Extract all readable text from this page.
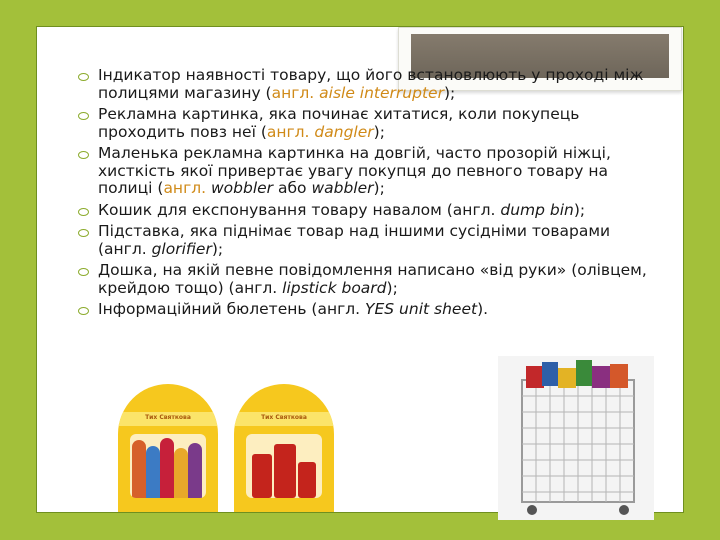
Індикатор наявності товару, що його встановлюють у проході між полицями магазину (англ. aisle interrupter);
Рекламна картинка, яка починає хитатися, коли покупець проходить повз неї (англ. dangler);
Маленька рекламна картинка на довгій, часто прозорій ніжці, хисткість якої привертає увагу покупця до певного товару на полиці (англ. wobbler або wabbler);
Кошик для експонування товару навалом (англ. dump bin);
Підставка, яка піднімає товар над іншими сусідніми товарами (англ. glorifier);
Дошка, на якій певне повідомлення написано «від руки» (олівцем, крейдою тощо) (англ. lipstick board);
Інформаційний бюлетень (англ. YES unit sheet).
Тих Святкова	Тих Святкова
